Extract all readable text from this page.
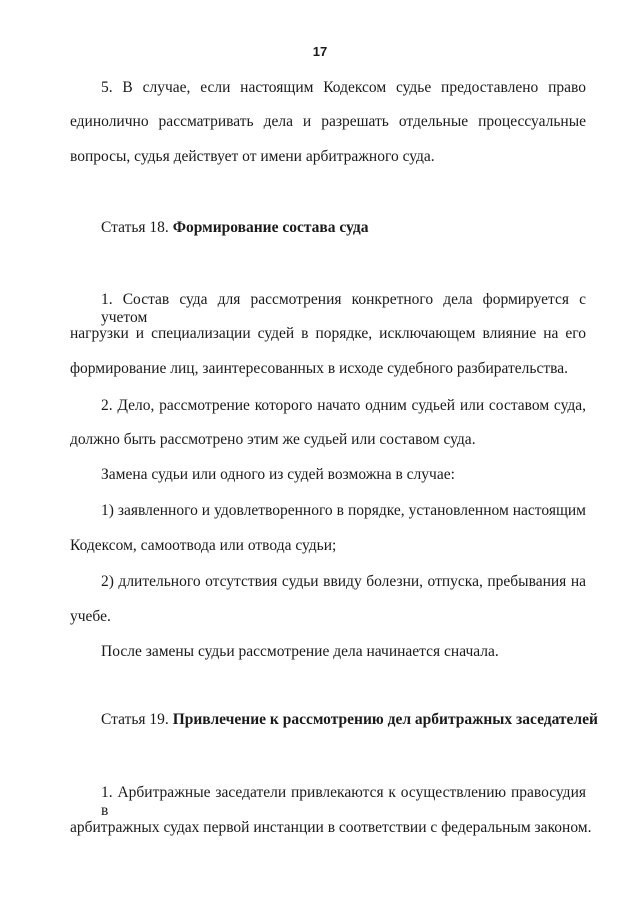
17
5. В случае, если настоящим Кодексом судье предоставлено право
единолично рассматривать дела и разрешать отдельные процессуальные
вопросы, судья действует от имени арбитражного суда.
Статья 18. Формирование состава суда
1. Состав суда для рассмотрения конкретного дела формируется с учетом
нагрузки и специализации судей в порядке, исключающем влияние на его
формирование лиц, заинтересованных в исходе судебного разбирательства.
2. Дело, рассмотрение которого начато одним судьей или составом суда,
должно быть рассмотрено этим же судьей или составом суда.
Замена судьи или одного из судей возможна в случае:
1) заявленного и удовлетворенного в порядке, установленном настоящим
Кодексом, самоотвода или отвода судьи;
2) длительного отсутствия судьи ввиду болезни, отпуска, пребывания на
учебе.
После замены судьи рассмотрение дела начинается сначала.
Статья 19. Привлечение к рассмотрению дел арбитражных заседателей
1. Арбитражные заседатели привлекаются к осуществлению правосудия в
арбитражных судах первой инстанции в соответствии с федеральным законом.
